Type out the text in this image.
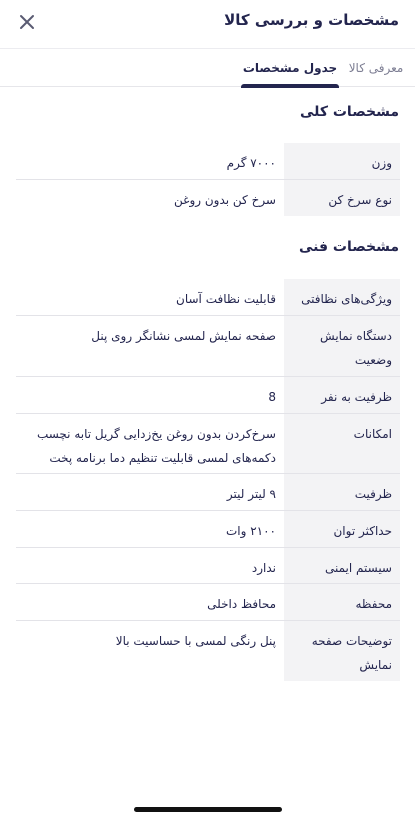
مشخصات و بررسی کالا
معرفی کالا
جدول مشخصات
مشخصات کلی
وزن
۷۰۰۰ گرم
نوع سرخ کن
سرخ کن بدون روغن
مشخصات فنی
ویژگی‌های نظافتی
قابلیت نظافت آسان
دستگاه نمایش وضعیت
صفحه نمایش لمسی نشانگر روی پنل
ظرفیت به نفر
8
امکانات
سرخ‌کردن بدون روغن یخ‌زدایی گریل تابه نچسب دکمه‌های لمسی قابلیت تنظیم دما برنامه پخت
ظرفیت
۹ لیتر لیتر
حداکثر توان
۲۱۰۰ وات
سیستم ایمنی
ندارد
محفظه
محافظ داخلی
توضیحات صفحه نمایش
پنل رنگی لمسی با حساسیت بالا
